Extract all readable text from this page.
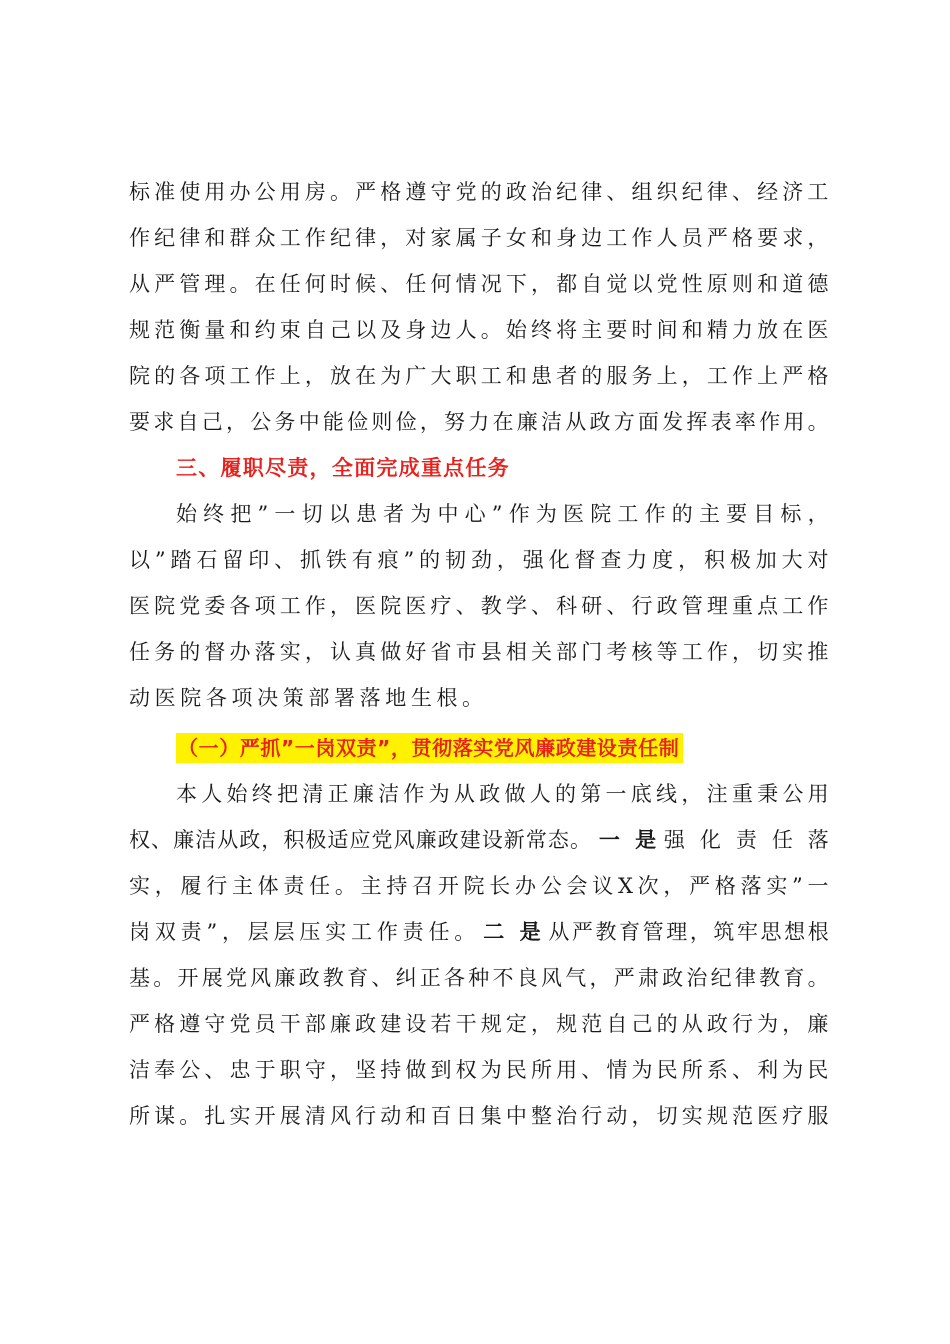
标 准 使 用 办 公 用 房 。 严 格 遵 守 党 的 政 治 纪 律 、 组 织 纪 律 、 经 济 工
作 纪 律 和 群 众 工 作 纪 律 ， 对 家 属 子 女 和 身 边 工 作 人 员 严 格 要 求 ，
从 严 管 理 。 在 任 何 时 候 、 任 何 情 况 下 ， 都 自 觉 以 党 性 原 则 和 道 德
规 范 衡 量 和 约 束 自 己 以 及 身 边 人 。 始 终 将 主 要 时 间 和 精 力 放 在 医
院 的 各 项 工 作 上 ， 放 在 为 广 大 职 工 和 患 者 的 服 务 上 ， 工 作 上 严 格
要 求 自 己 ， 公 务 中 能 俭 则 俭 ， 努 力 在 廉 洁 从 政 方 面 发 挥 表 率 作 用 。
三、履职尽责，全面完成重点任务
始 终 把 ” 一 切 以 患 者 为 中 心 ” 作 为 医 院 工 作 的 主 要 目 标 ，
以 ” 踏 石 留 印 、 抓 铁 有 痕 ” 的 韧 劲 ， 强 化 督 查 力 度 ， 积 极 加 大 对
医 院 党 委 各 项 工 作 ， 医 院 医 疗 、 教 学 、 科 研 、 行 政 管 理 重 点 工 作
任 务 的 督 办 落 实 ， 认 真 做 好 省 市 县 相 关 部 门 考 核 等 工 作 ， 切 实 推
动医院各项决策部署落地生根。
（一）严抓”一岗双责”，贯彻落实党风廉政建设责任制
本 人 始 终 把 清 正 廉 洁 作 为 从 政 做 人 的 第 一 底 线 ， 注 重 秉 公 用
权 、 廉 洁 从 政 ， 积 极 适 应 党 风 廉 政 建 设 新 常 态 。 一 是 强 化 责 任 落
实 ， 履 行 主 体 责 任 。 主 持 召 开 院 长 办 公 会 议 X 次 ， 严 格 落 实 ” 一
岗 双 责 ” ， 层 层 压 实 工 作 责 任 。 二 是 从 严 教 育 管 理 ， 筑 牢 思 想 根
基 。 开 展 党 风 廉 政 教 育 、 纠 正 各 种 不 良 风 气 ， 严 肃 政 治 纪 律 教 育 。
严 格 遵 守 党 员 干 部 廉 政 建 设 若 干 规 定 ， 规 范 自 己 的 从 政 行 为 ， 廉
洁 奉 公 、 忠 于 职 守 ， 坚 持 做 到 权 为 民 所 用 、 情 为 民 所 系 、 利 为 民
所 谋 。 扎 实 开 展 清 风 行 动 和 百 日 集 中 整 治 行 动 ， 切 实 规 范 医 疗 服
